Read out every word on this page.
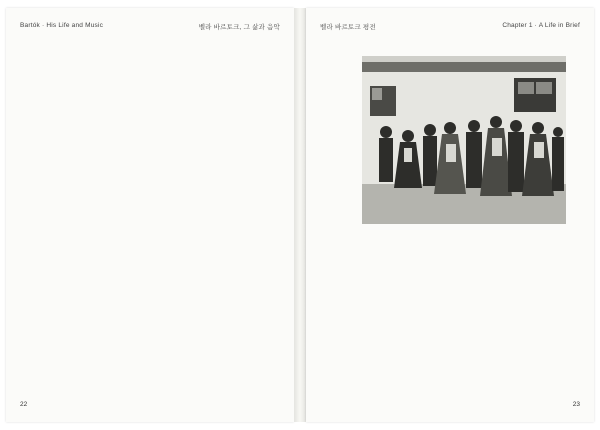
Bartók · His Life and Music	벨라 바르토크, 그 삶과 음악
22
벨라 바르토크 평전	Chapter 1 · A Life in Brief
23
